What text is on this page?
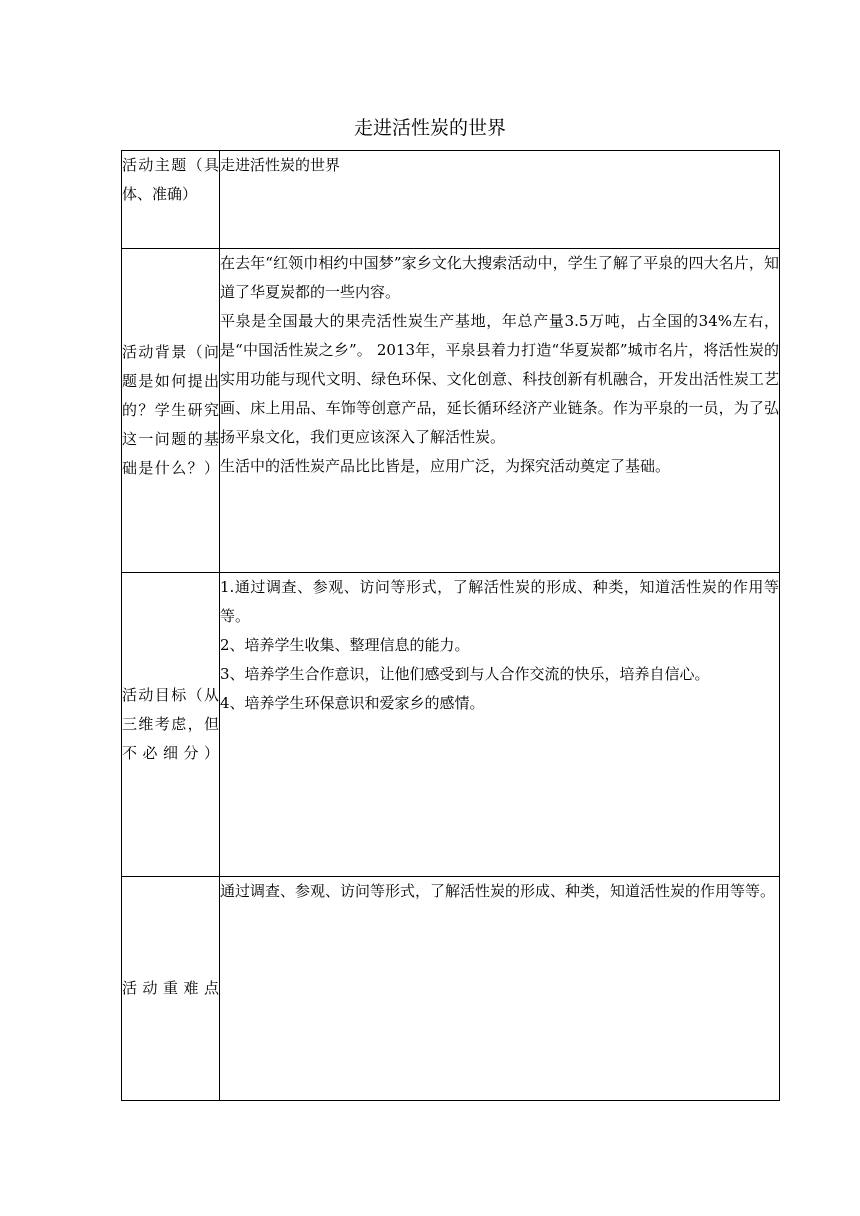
走进活性炭的世界
活动主题（具体、准确）	走进活性炭的世界

活动背景（问题是如何提出的？学生研究这一问题的基础是什么？）	在去年“红领巾相约中国梦”家乡文化大搜索活动中，学生了解了平泉的四大名片，知道了华夏炭都的一些内容。

平泉是全国最大的果壳活性炭生产基地，年总产量3.5万吨，占全国的34%左右，是“中国活性炭之乡”。 2013年，平泉县着力打造“华夏炭都”城市名片，将活性炭的实用功能与现代文明、绿色环保、文化创意、科技创新有机融合，开发出活性炭工艺画、床上用品、车饰等创意产品，延长循环经济产业链条。作为平泉的一员，为了弘扬平泉文化，我们更应该深入了解活性炭。

生活中的活性炭产品比比皆是，应用广泛，为探究活动奠定了基础。

活动目标（从三维考虑，但不必细分）	1.通过调查、参观、访问等形式，了解活性炭的形成、种类，知道活性炭的作用等等。

2、培养学生收集、整理信息的能力。

3、培养学生合作意识，让他们感受到与人合作交流的快乐，培养自信心。

4、培养学生环保意识和爱家乡的感情。

活动重难点	通过调查、参观、访问等形式，了解活性炭的形成、种类，知道活性炭的作用等等。
